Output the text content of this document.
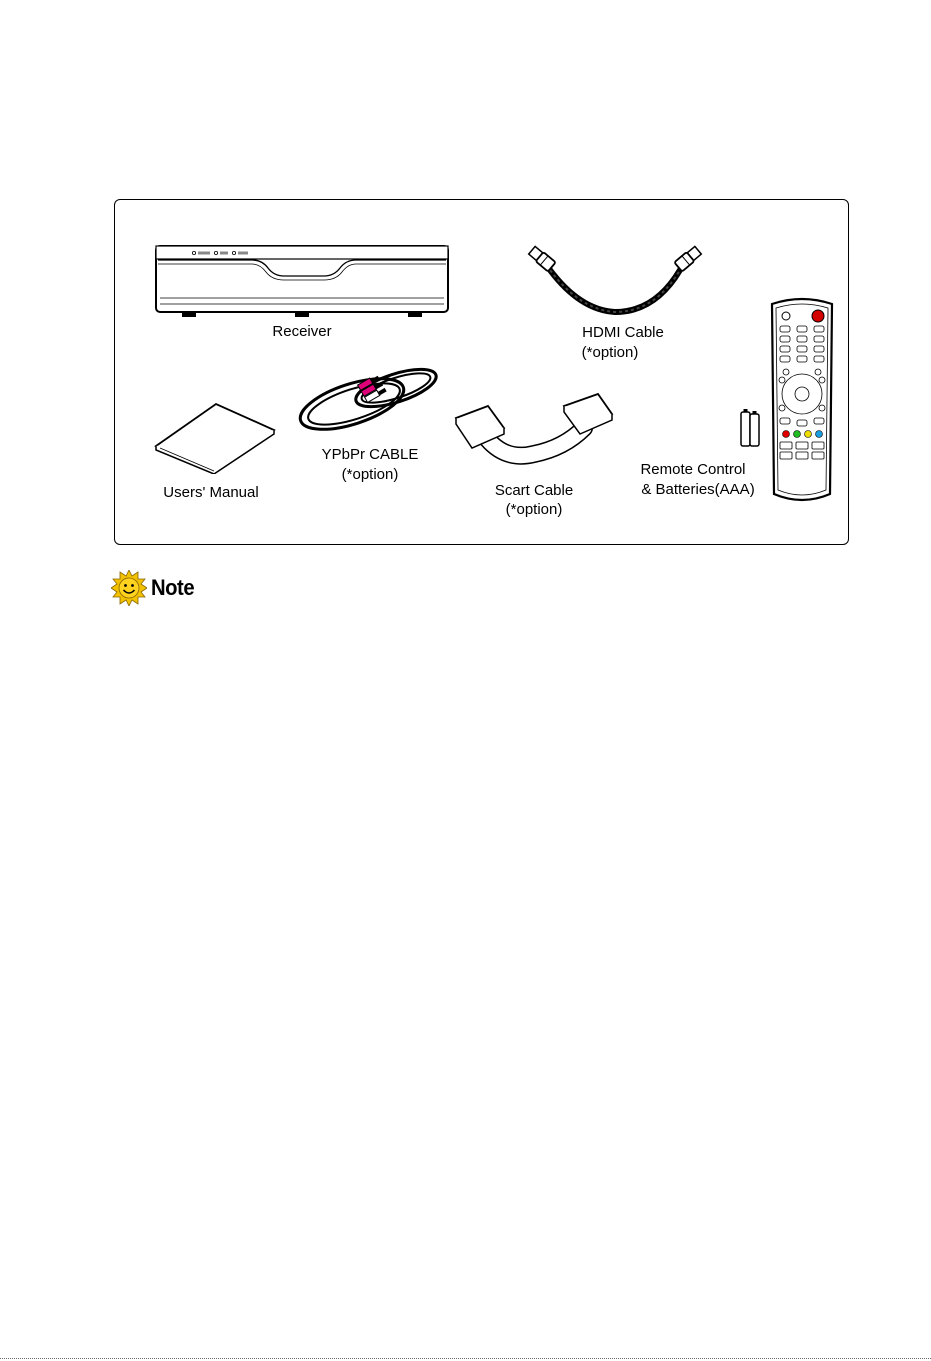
Receiver	HDMI Cable
(*option)
Remote Control
& Batteries(AAA)
Users' Manual
YPbPr CABLE
(*option)
Scart Cable
(*option)
Note
